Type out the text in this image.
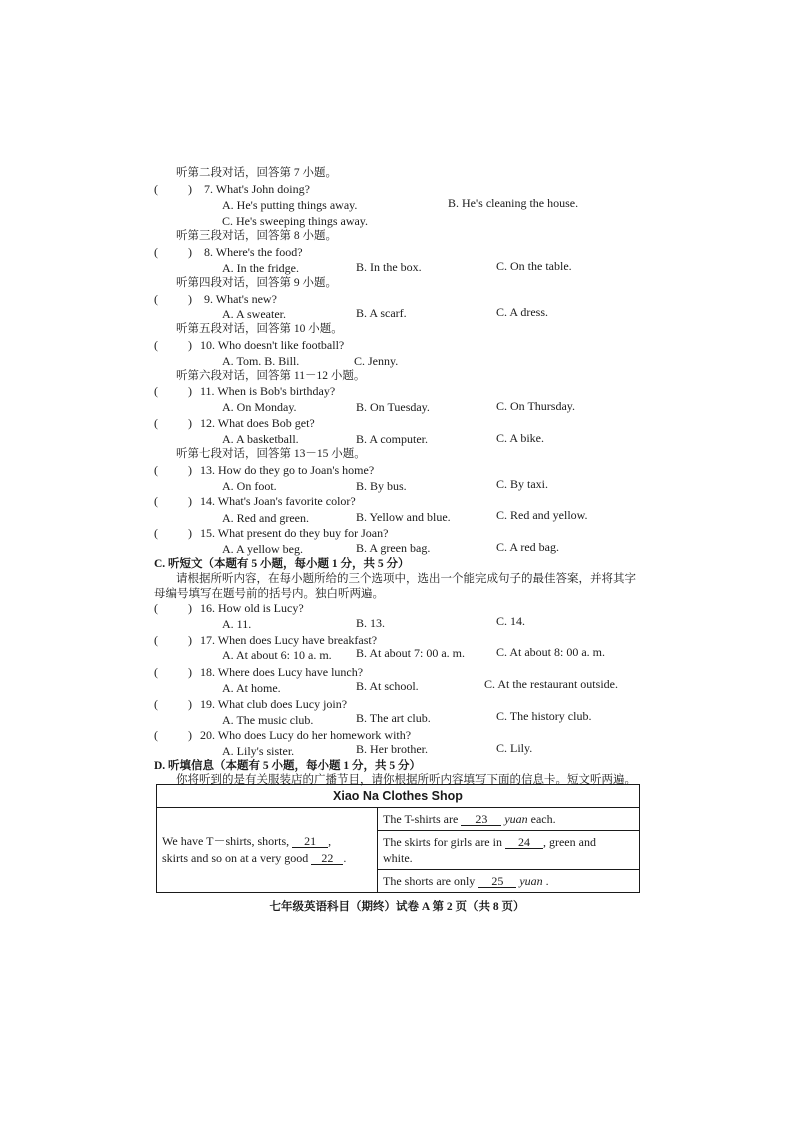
听第二段对话，回答第 7 小题。
(          ) 7. What's John doing?
A. He's putting things away.	B. He's cleaning the house.
C. He's sweeping things away.
听第三段对话，回答第 8 小题。
(          ) 8. Where's the food?
A. In the fridge.	B. In the box.	C. On the table.
听第四段对话，回答第 9 小题。
(          ) 9. What's new?
A. A sweater.	B. A scarf.	C. A dress.
听第五段对话，回答第 10 小题。
(          ) 10. Who doesn't like football?
A. Tom. B. Bill.	C. Jenny.
听第六段对话，回答第 11－12 小题。
(          ) 11. When is Bob's birthday?
A. On Monday.	B. On Tuesday.	C. On Thursday.
(          ) 12. What does Bob get?
A. A basketball.	B. A computer.	C. A bike.
听第七段对话，回答第 13－15 小题。
(          ) 13. How do they go to Joan's home?
A. On foot.	B. By bus.	C. By taxi.
(          ) 14. What's Joan's favorite color?
A. Red and green.	B. Yellow and blue.	C. Red and yellow.
(          ) 15. What present do they buy for Joan?
A. A yellow beg.	B. A green bag.	C. A red bag.
C. 听短文（本题有 5 小题，每小题 1 分，共 5 分）
请根据所听内容，在每小题所给的三个选项中，选出一个能完成句子的最佳答案，并将其字
母编号填写在题号前的括号内。独白听两遍。
(          ) 16. How old is Lucy?
A. 11.	B. 13.	C. 14.
(          ) 17. When does Lucy have breakfast?
A. At about 6: 10 a. m. B. At about 7: 00 a. m.	C. At about 8: 00 a. m.
(          ) 18. Where does Lucy have lunch?
A. At home.	B. At school.	C. At the restaurant outside.
(          ) 19. What club does Lucy join?
A. The music club.	B. The art club.	C. The history club.
(          ) 20. Who does Lucy do her homework with?
A. Lily's sister.	B. Her brother.	C. Lily.
D. 听填信息（本题有 5 小题，每小题 1 分，共 5 分）
你将听到的是有关服装店的广播节目，请你根据所听内容填写下面的信息卡。短文听两遍。
Xiao Na Clothes Shop
We have T－shirts, shorts, 21 ,
skirts and so on at a very good 22 .	The T-shirts are 23 yuan each.
The skirts for girls are in 24 , green and
white.
The shorts are only 25 yuan .
七年级英语科目（期终）试卷 A 第 2 页（共 8 页）
